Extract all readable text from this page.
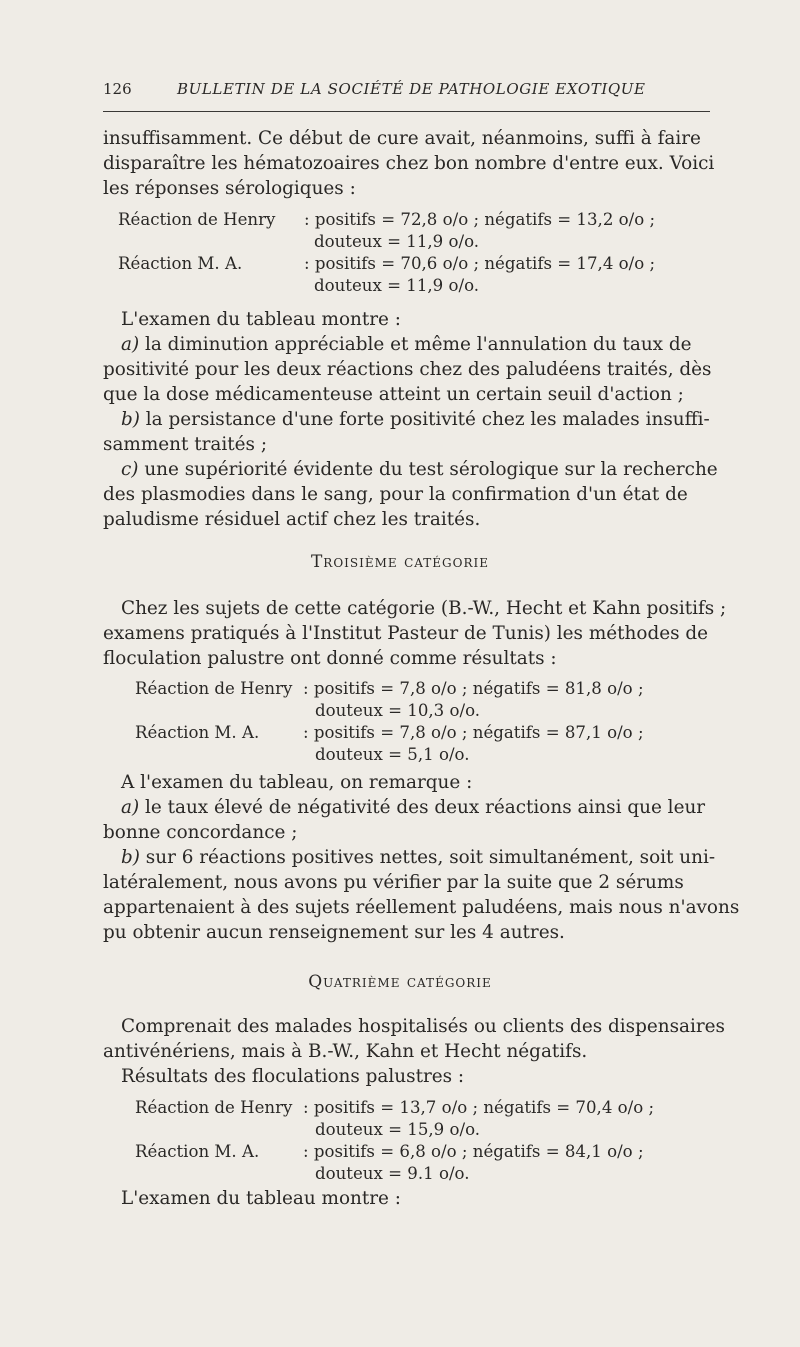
126	BULLETIN DE LA SOCIÉTÉ DE PATHOLOGIE EXOTIQUE
insuffisamment. Ce début de cure avait, néanmoins, suffi à faire
disparaître les hématozoaires chez bon nombre d'entre eux. Voici
les réponses sérologiques :
Réaction de Henry : positifs = 72,8 o/o ; négatifs = 13,2 o/o ;
douteux = 11,9 o/o.
Réaction M. A.	: positifs = 70,6 o/o ; négatifs = 17,4 o/o ;
douteux = 11,9 o/o.
L'examen du tableau montre :
a) la diminution appréciable et même l'annulation du taux de
positivité pour les deux réactions chez des paludéens traités, dès
que la dose médicamenteuse atteint un certain seuil d'action ;
b) la persistance d'une forte positivité chez les malades insuffi-
samment traités ;
c) une supériorité évidente du test sérologique sur la recherche
des plasmodies dans le sang, pour la confirmation d'un état de
paludisme résiduel actif chez les traités.
Troisième catégorie
Chez les sujets de cette catégorie (B.-W., Hecht et Kahn positifs ;
examens pratiqués à l'Institut Pasteur de Tunis) les méthodes de
floculation palustre ont donné comme résultats :
Réaction de Henry : positifs = 7,8 o/o ; négatifs = 81,8 o/o ;
douteux = 10,3 o/o.
Réaction M. A.	: positifs = 7,8 o/o ; négatifs = 87,1 o/o ;
douteux = 5,1 o/o.
A l'examen du tableau, on remarque :
a) le taux élevé de négativité des deux réactions ainsi que leur
bonne concordance ;
b) sur 6 réactions positives nettes, soit simultanément, soit uni-
latéralement, nous avons pu vérifier par la suite que 2 sérums
appartenaient à des sujets réellement paludéens, mais nous n'avons
pu obtenir aucun renseignement sur les 4 autres.
Quatrième catégorie
Comprenait des malades hospitalisés ou clients des dispensaires
antivénériens, mais à B.-W., Kahn et Hecht négatifs.
Résultats des floculations palustres :
Réaction de Henry : positifs = 13,7 o/o ; négatifs = 70,4 o/o ;
douteux = 15,9 o/o.
Réaction M. A.	: positifs = 6,8 o/o ; négatifs = 84,1 o/o ;
douteux = 9.1 o/o.
L'examen du tableau montre :
